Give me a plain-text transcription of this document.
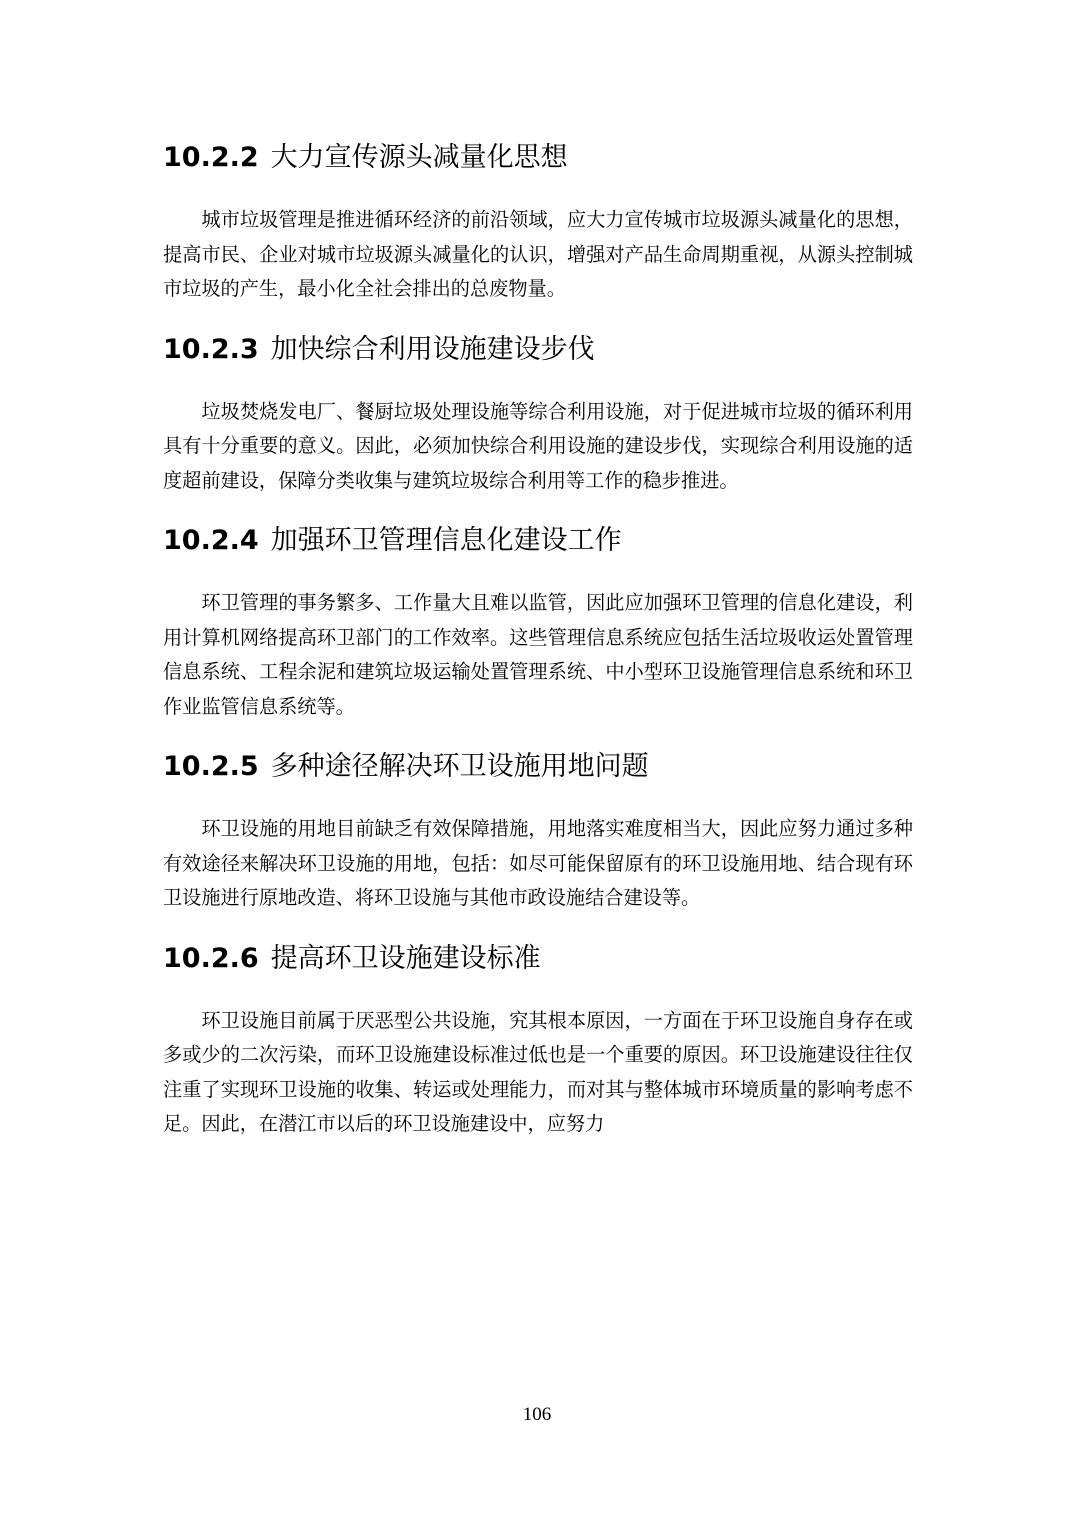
10.2.2 大力宣传源头减量化思想

城市垃圾管理是推进循环经济的前沿领域，应大力宣传城市垃圾源头减量化的思想，提高市民、企业对城市垃圾源头减量化的认识，增强对产品生命周期重视，从源头控制城市垃圾的产生，最小化全社会排出的总废物量。

10.2.3 加快综合利用设施建设步伐

垃圾焚烧发电厂、餐厨垃圾处理设施等综合利用设施，对于促进城市垃圾的循环利用具有十分重要的意义。因此，必须加快综合利用设施的建设步伐，实现综合利用设施的适度超前建设，保障分类收集与建筑垃圾综合利用等工作的稳步推进。

10.2.4 加强环卫管理信息化建设工作

环卫管理的事务繁多、工作量大且难以监管，因此应加强环卫管理的信息化建设，利用计算机网络提高环卫部门的工作效率。这些管理信息系统应包括生活垃圾收运处置管理信息系统、工程余泥和建筑垃圾运输处置管理系统、中小型环卫设施管理信息系统和环卫作业监管信息系统等。

10.2.5 多种途径解决环卫设施用地问题

环卫设施的用地目前缺乏有效保障措施，用地落实难度相当大，因此应努力通过多种有效途径来解决环卫设施的用地，包括：如尽可能保留原有的环卫设施用地、结合现有环卫设施进行原地改造、将环卫设施与其他市政设施结合建设等。

10.2.6 提高环卫设施建设标准

环卫设施目前属于厌恶型公共设施，究其根本原因，一方面在于环卫设施自身存在或多或少的二次污染，而环卫设施建设标准过低也是一个重要的原因。环卫设施建设往往仅注重了实现环卫设施的收集、转运或处理能力，而对其与整体城市环境质量的影响考虑不足。因此，在潜江市以后的环卫设施建设中，应努力

106
